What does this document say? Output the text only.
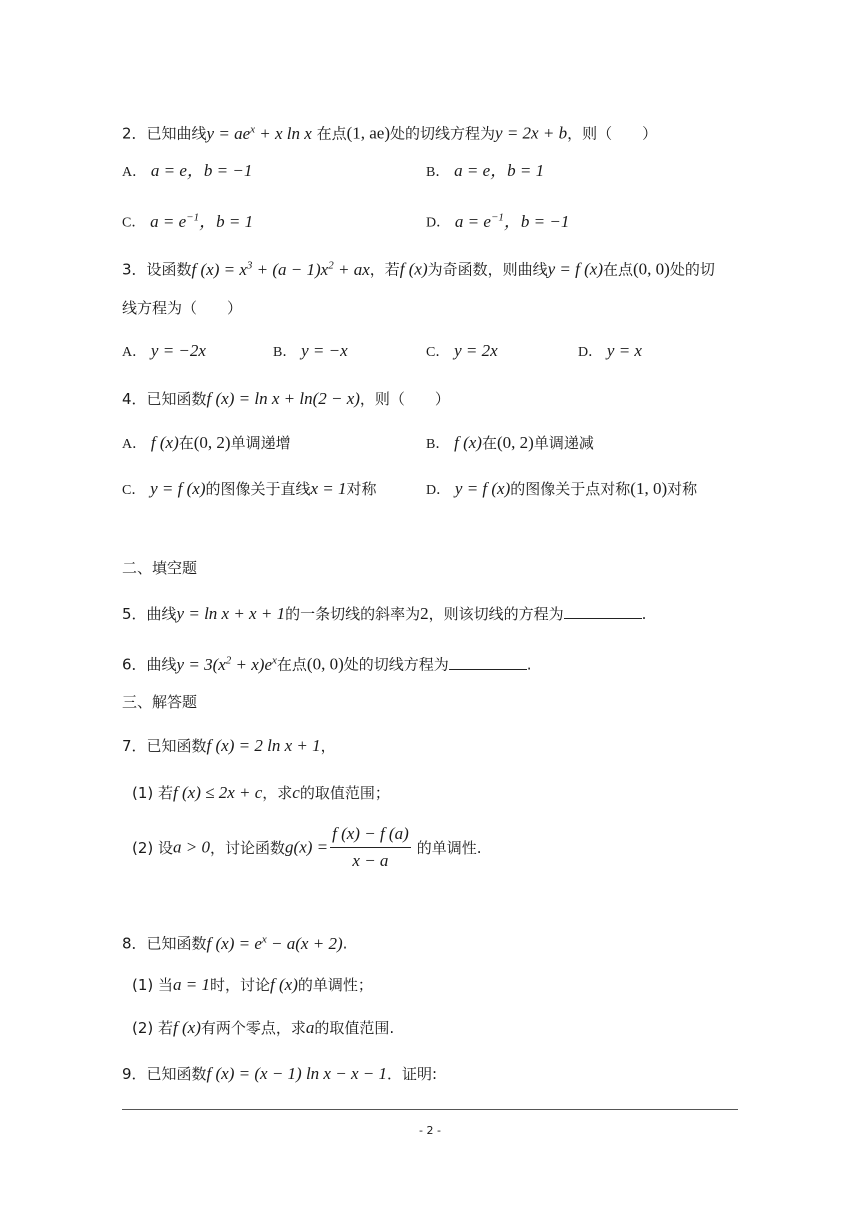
2．已知曲线$y = ae^x + x$ ln x 在点(1, ae)处的切线方程为y = 2x + b，则（　　）
A． a = e，b = −1	B． a = e，b = 1
C． $a = e^{-1}$，b = 1	D． $a = e^{-1}$，b = −1
3．设函数f $(x) = x^3 + (a - 1)x^2$ + ax，若f (x)为奇函数，则曲线y = f (x)在点(0, 0)处的切
线方程为（　　）
A． y = −2x	B． y = −x	C． y = 2x	D． y = x
4．已知函数f (x) = ln x + ln(2 − x)，则（　　）
A． f (x)在(0, 2)单调递增	B． f (x)在(0, 2)单调递减
C． y = f (x)的图像关于直线x = 1对称	D． y = f (x)的图像关于点对称(1, 0)对称
二、填空题
5．曲线y = ln x + x + 1的一条切线的斜率为2，则该切线的方程为	.
6．曲线$y = 3(x^2 + x)e^x$在点(0, 0)处的切线方程为	.
三、解答题
7．已知函数f (x) = 2 ln x + 1，
(1) 若f (x) ≤ 2x + c，求c的取值范围；
(2) 设a > 0，讨论函数$g(x) = \frac{f (x) - f (a)}{x - a}$ 的单调性.
8．已知函数f $(x) = e^x - a(x + 2)$.
(1) 当a = 1时，讨论f (x)的单调性；
(2) 若f (x)有两个零点，求a的取值范围.
9．已知函数f (x) = (x − 1) ln x − x − 1．证明:
- 2 -
